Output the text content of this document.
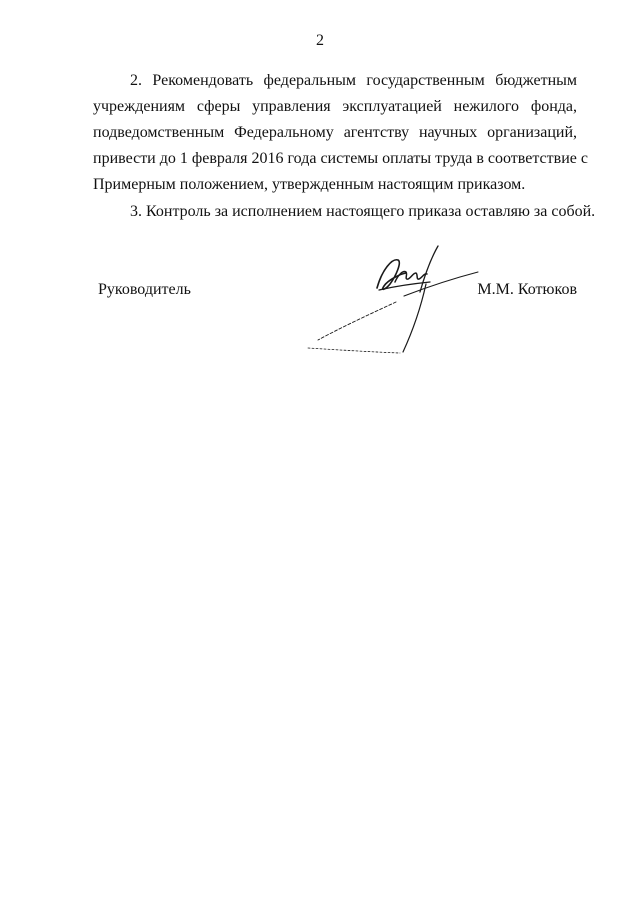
2
2. Рекомендовать федеральным государственным бюджетным
учреждениям сферы управления эксплуатацией нежилого фонда,
подведомственным Федеральному агентству научных организаций,
привести до 1 февраля 2016 года системы оплаты труда в соответствие с
Примерным положением, утвержденным настоящим приказом.
3. Контроль за исполнением настоящего приказа оставляю за собой.
Руководитель	М.М. Котюков
